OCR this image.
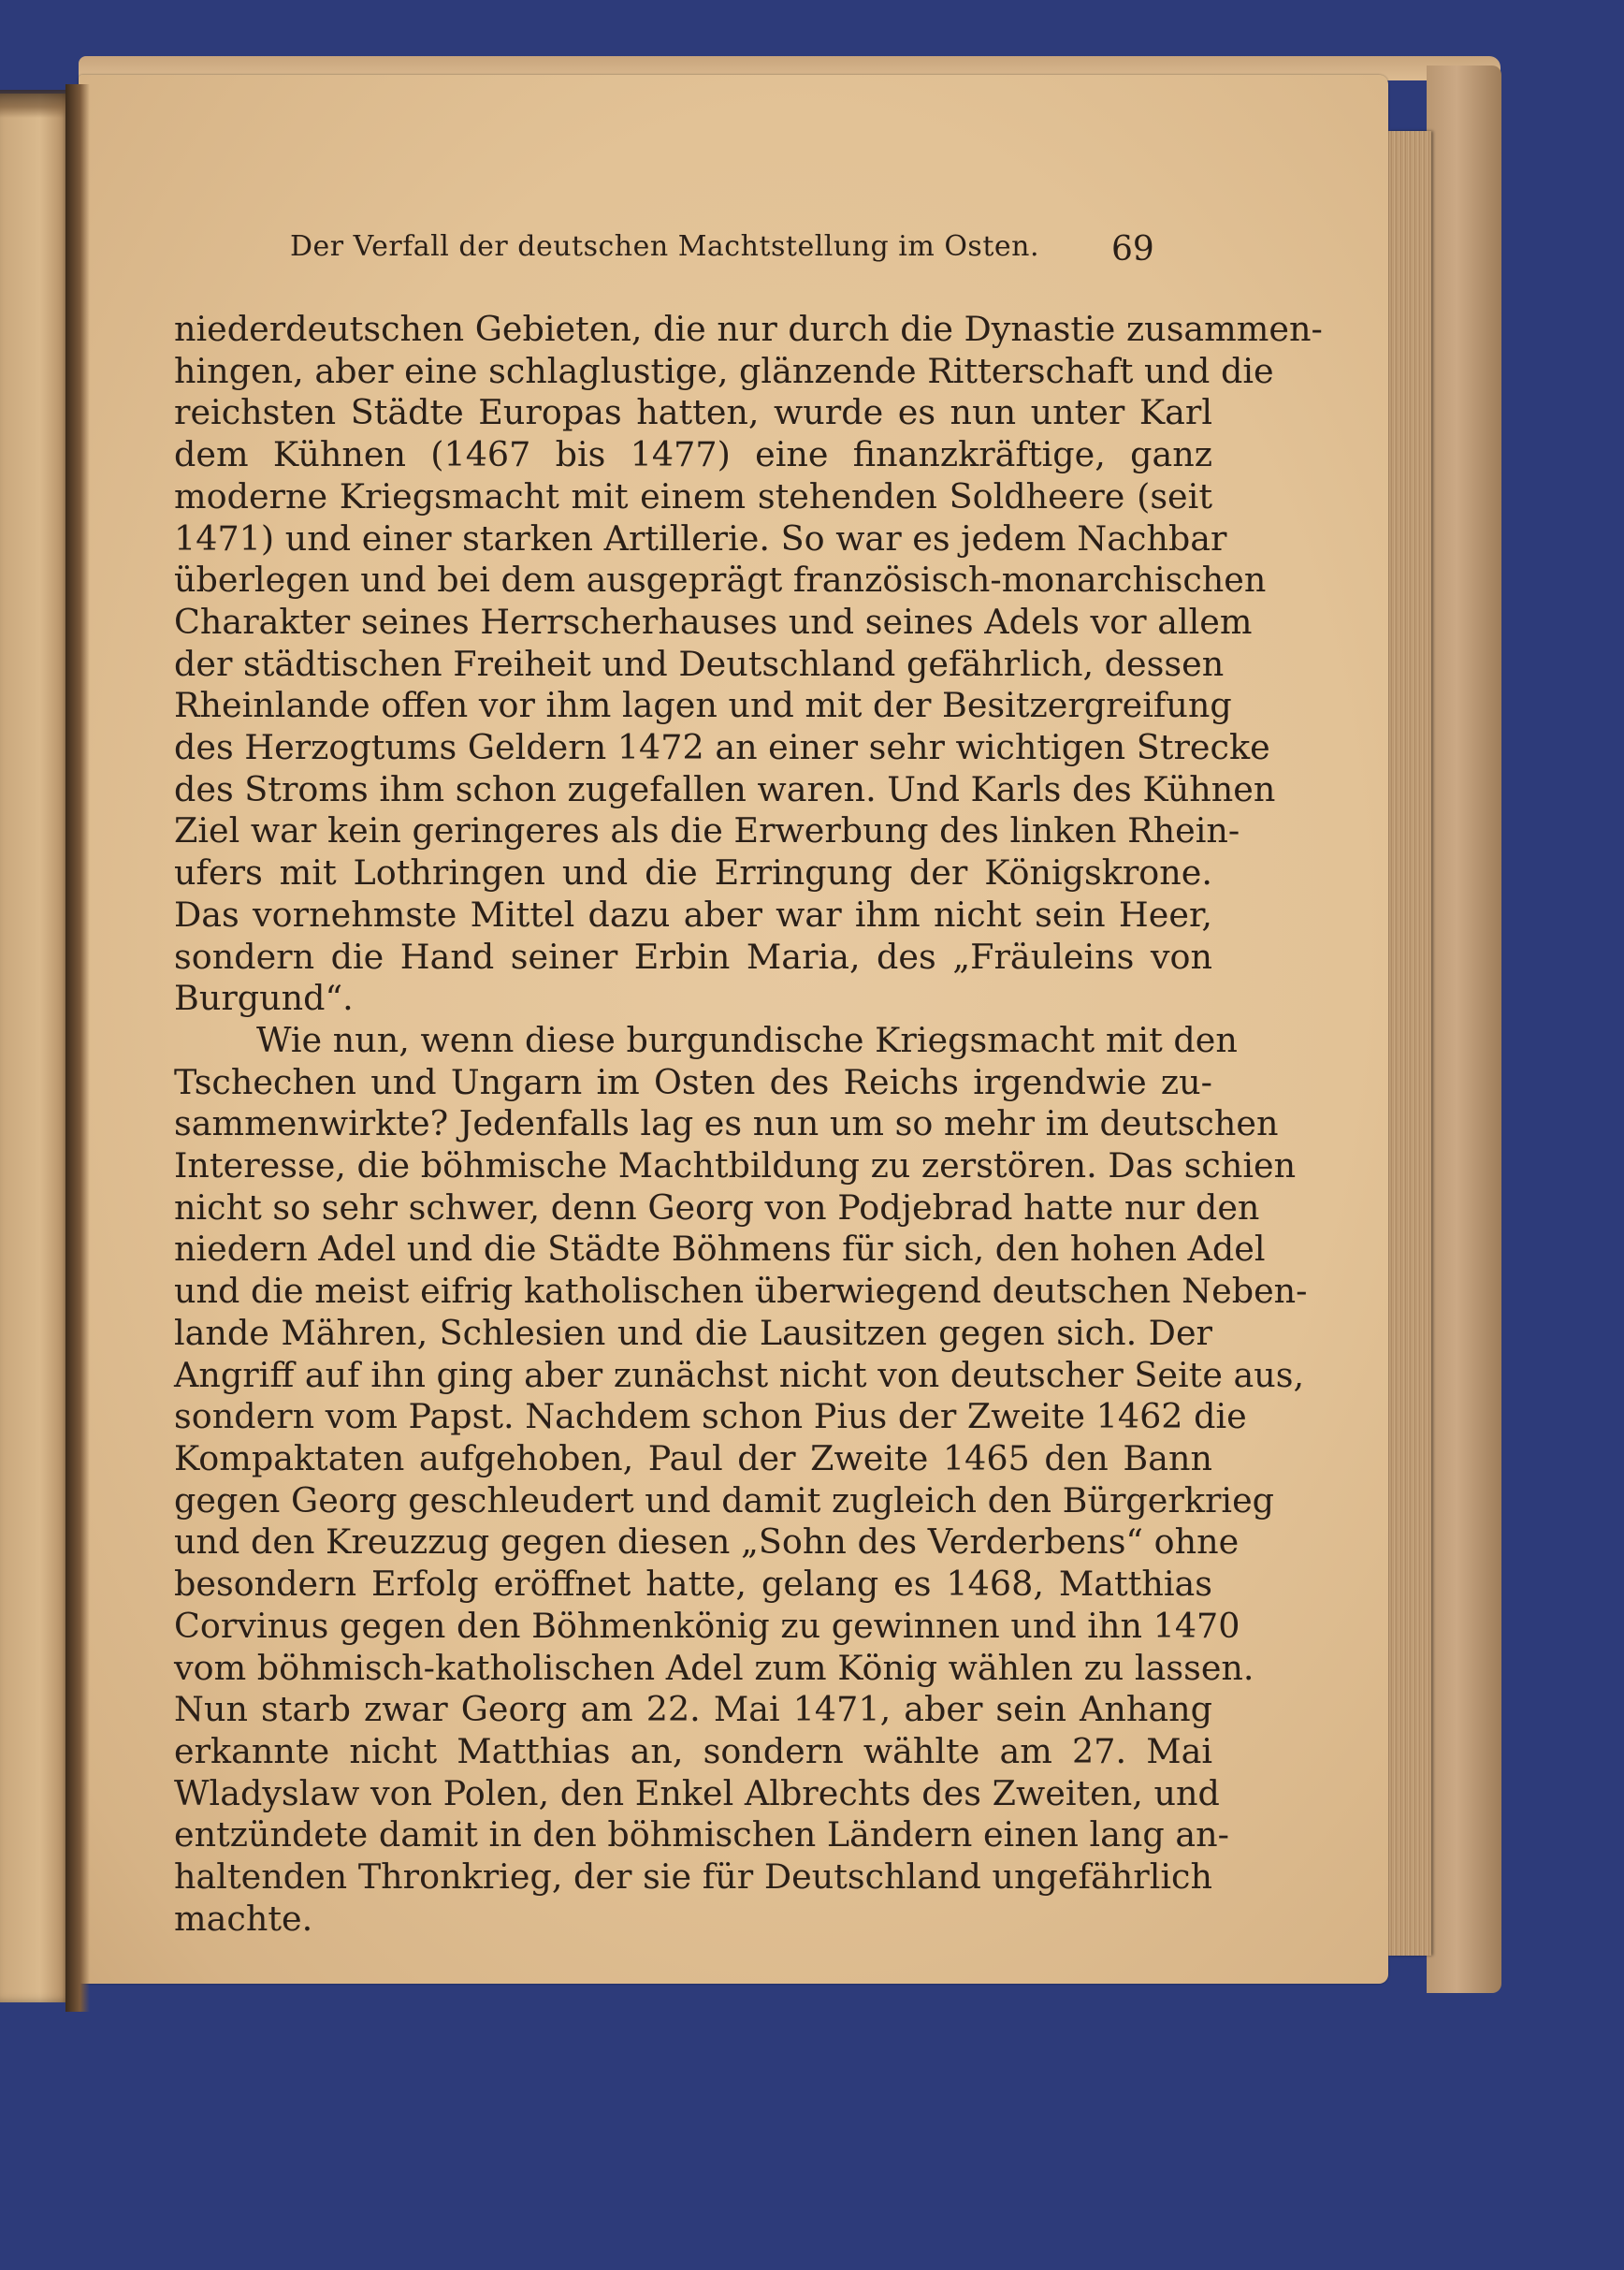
Der Verfall der deutschen Machtstellung im Osten. 69
niederdeutschen Gebieten, die nur durch die Dynastie zusammen-
hingen, aber eine schlaglustige, glänzende Ritterschaft und die
reichsten Städte Europas hatten, wurde es nun unter Karl
dem Kühnen (1467 bis 1477) eine finanzkräftige, ganz
moderne Kriegsmacht mit einem stehenden Soldheere (seit
1471) und einer starken Artillerie. So war es jedem Nachbar
überlegen und bei dem ausgeprägt französisch-monarchischen
Charakter seines Herrscherhauses und seines Adels vor allem
der städtischen Freiheit und Deutschland gefährlich, dessen
Rheinlande offen vor ihm lagen und mit der Besitzergreifung
des Herzogtums Geldern 1472 an einer sehr wichtigen Strecke
des Stroms ihm schon zugefallen waren. Und Karls des Kühnen
Ziel war kein geringeres als die Erwerbung des linken Rhein-
ufers mit Lothringen und die Erringung der Königskrone.
Das vornehmste Mittel dazu aber war ihm nicht sein Heer,
sondern die Hand seiner Erbin Maria, des „Fräuleins von
Burgund“.
Wie nun, wenn diese burgundische Kriegsmacht mit den
Tschechen und Ungarn im Osten des Reichs irgendwie zu-
sammenwirkte? Jedenfalls lag es nun um so mehr im deutschen
Interesse, die böhmische Machtbildung zu zerstören. Das schien
nicht so sehr schwer, denn Georg von Podjebrad hatte nur den
niedern Adel und die Städte Böhmens für sich, den hohen Adel
und die meist eifrig katholischen überwiegend deutschen Neben-
lande Mähren, Schlesien und die Lausitzen gegen sich. Der
Angriff auf ihn ging aber zunächst nicht von deutscher Seite aus,
sondern vom Papst. Nachdem schon Pius der Zweite 1462 die
Kompaktaten aufgehoben, Paul der Zweite 1465 den Bann
gegen Georg geschleudert und damit zugleich den Bürgerkrieg
und den Kreuzzug gegen diesen „Sohn des Verderbens“ ohne
besondern Erfolg eröffnet hatte, gelang es 1468, Matthias
Corvinus gegen den Böhmenkönig zu gewinnen und ihn 1470
vom böhmisch-katholischen Adel zum König wählen zu lassen.
Nun starb zwar Georg am 22. Mai 1471, aber sein Anhang
erkannte nicht Matthias an, sondern wählte am 27. Mai
Wladyslaw von Polen, den Enkel Albrechts des Zweiten, und
entzündete damit in den böhmischen Ländern einen lang an-
haltenden Thronkrieg, der sie für Deutschland ungefährlich
machte.
